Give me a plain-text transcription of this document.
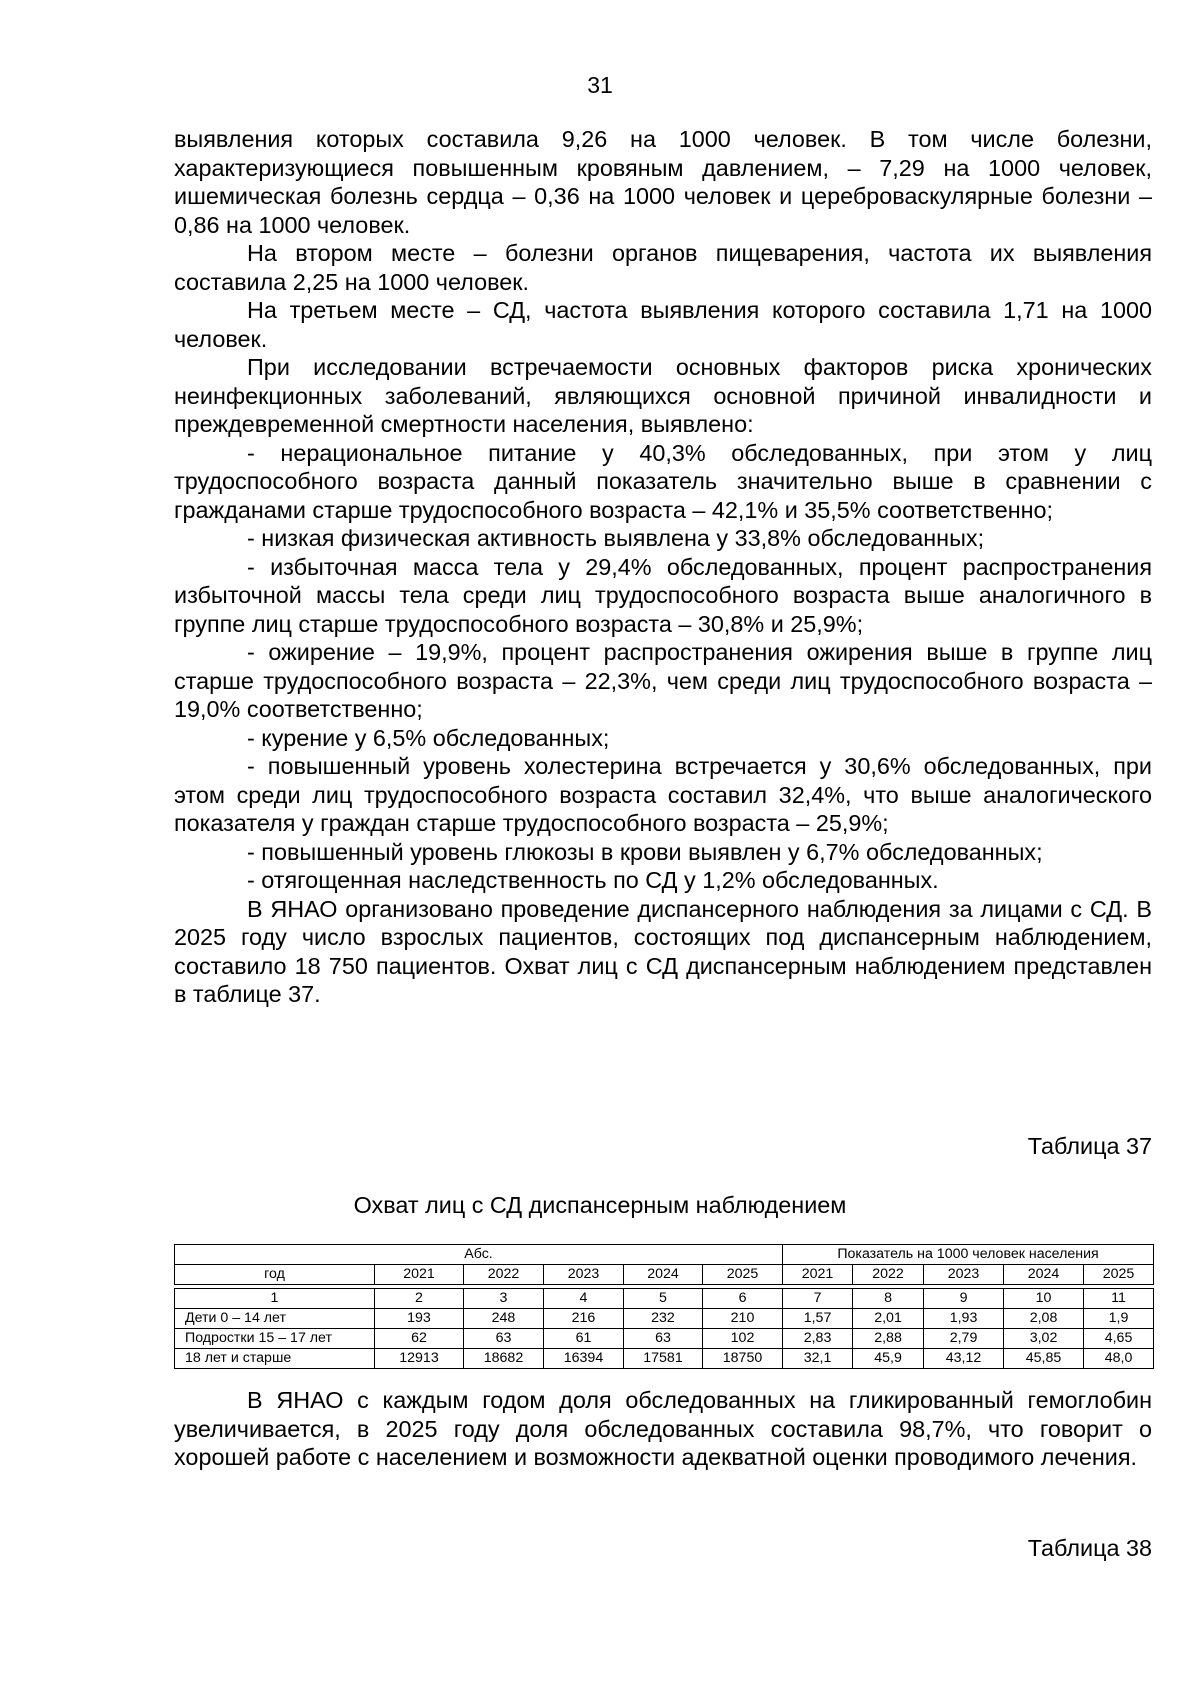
31

выявления которых составила 9,26 на 1000 человек. В том числе болезни, характеризующиеся повышенным кровяным давлением, – 7,29 на 1000 человек, ишемическая болезнь сердца – 0,36 на 1000 человек и цереброваскулярные болезни – 0,86 на 1000 человек.

На втором месте – болезни органов пищеварения, частота их выявления составила 2,25 на 1000 человек.

На третьем месте – СД, частота выявления которого составила 1,71 на 1000 человек.

При исследовании встречаемости основных факторов риска хронических неинфекционных заболеваний, являющихся основной причиной инвалидности и преждевременной смертности населения, выявлено:

- нерациональное питание у 40,3% обследованных, при этом у лиц трудоспособного возраста данный показатель значительно выше в сравнении с гражданами старше трудоспособного возраста – 42,1% и 35,5% соответственно;

- низкая физическая активность выявлена у 33,8% обследованных;

- избыточная масса тела у 29,4% обследованных, процент распространения избыточной массы тела среди лиц трудоспособного возраста выше аналогичного в группе лиц старше трудоспособного возраста – 30,8% и 25,9%;

- ожирение – 19,9%, процент распространения ожирения выше в группе лиц старше трудоспособного возраста – 22,3%, чем среди лиц трудоспособного возраста – 19,0% соответственно;

- курение у 6,5% обследованных;

- повышенный уровень холестерина встречается у 30,6% обследованных, при этом среди лиц трудоспособного возраста составил 32,4%, что выше аналогического показателя у граждан старше трудоспособного возраста – 25,9%;

- повышенный уровень глюкозы в крови выявлен у 6,7% обследованных;

- отягощенная наследственность по СД у 1,2% обследованных.

В ЯНАО организовано проведение диспансерного наблюдения за лицами с СД. В 2025 году число взрослых пациентов, состоящих под диспансерным наблюдением, составило 18 750 пациентов. Охват лиц с СД диспансерным наблюдением представлен в таблице 37.

Таблица 37
Охват лиц с СД диспансерным наблюдением
Абс.						Показатель на 1000 человек населения				
год	2021	2022	2023	2024	2025	2021	2022	2023	2024	2025

1	2	3	4	5	6	7	8	9	10	11
Дети 0 – 14 лет	193	248	216	232	210	1,57	2,01	1,93	2,08	1,9
Подростки 15 – 17 лет	62	63	61	63	102	2,83	2,88	2,79	3,02	4,65
18 лет и старше	12913	18682	16394	17581	18750	32,1	45,9	43,12	45,85	48,0

В ЯНАО с каждым годом доля обследованных на гликированный гемоглобин увеличивается, в 2025 году доля обследованных составила 98,7%, что говорит о хорошей работе с населением и возможности адекватной оценки проводимого лечения.

Таблица 38
